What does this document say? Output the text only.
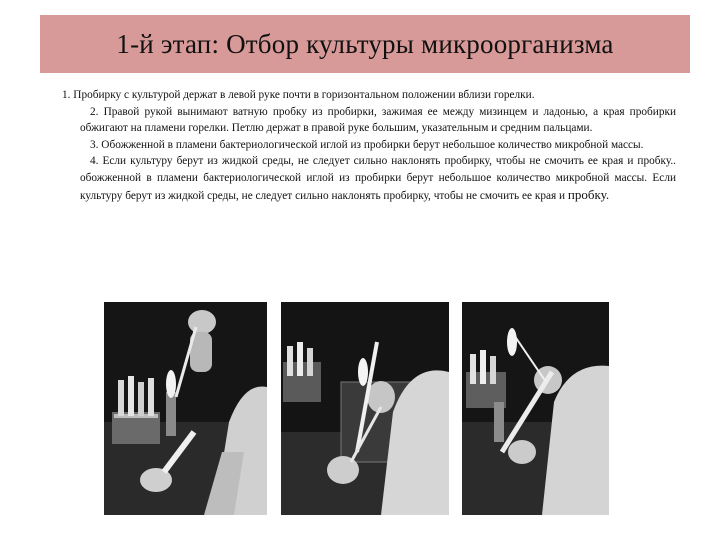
1-й этап: Отбор культуры микроорганизма

1. Пробирку с культурой держат в левой руке почти в горизонтальном положении вблизи горелки.

2. Правой рукой вынимают ватную пробку из пробирки, зажимая ее между мизинцем и ладонью, а края пробирки обжигают на пламени горелки. Петлю держат в правой руке большим, указательным и средним пальцами.

3. Обожженной в пламени бактериологической иглой из пробирки берут небольшое количество микробной массы.

4. Если культуру берут из жидкой среды, не следует сильно наклонять пробирку, чтобы не смочить ее края и пробку.. обожженной в пламени бактериологической иглой из пробирки берут небольшое количество микробной массы. Если культуру берут из жидкой среды, не следует сильно наклонять пробирку, чтобы не смочить ее края и пробку.
